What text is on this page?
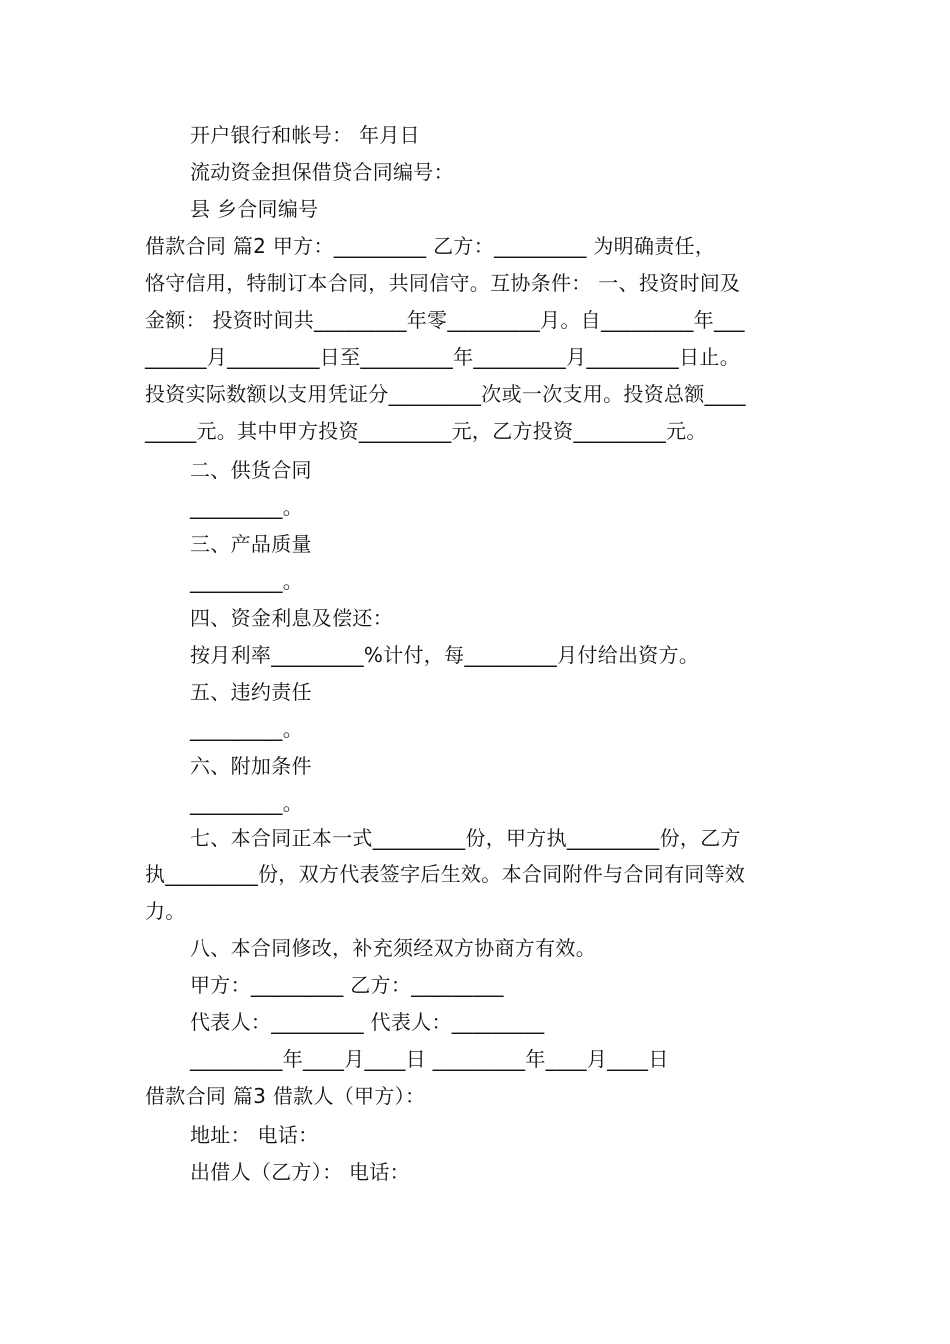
开户银行和帐号： 年月日
流动资金担保借贷合同编号：
县 乡合同编号
借款合同 篇2 甲方：_________ 乙方：_________ 为明确责任，
恪守信用，特制订本合同，共同信守。互协条件： 一、投资时间及
金额： 投资时间共_________年零_________月。自_________年___
______月_________日至_________年_________月_________日止。
投资实际数额以支用凭证分_________次或一次支用。投资总额____
_____元。其中甲方投资_________元，乙方投资_________元。
二、供货合同
_________。
三、产品质量
_________。
四、资金利息及偿还：
按月利率_________%计付，每_________月付给出资方。
五、违约责任
_________。
六、附加条件
_________。
七、本合同正本一式_________份，甲方执_________份，乙方
执_________份，双方代表签字后生效。本合同附件与合同有同等效
力。
八、本合同修改，补充须经双方协商方有效。
甲方：_________ 乙方：_________
代表人：_________ 代表人：_________
_________年____月____日 _________年____月____日
借款合同 篇3 借款人（甲方）：
地址： 电话：
出借人（乙方）： 电话：
